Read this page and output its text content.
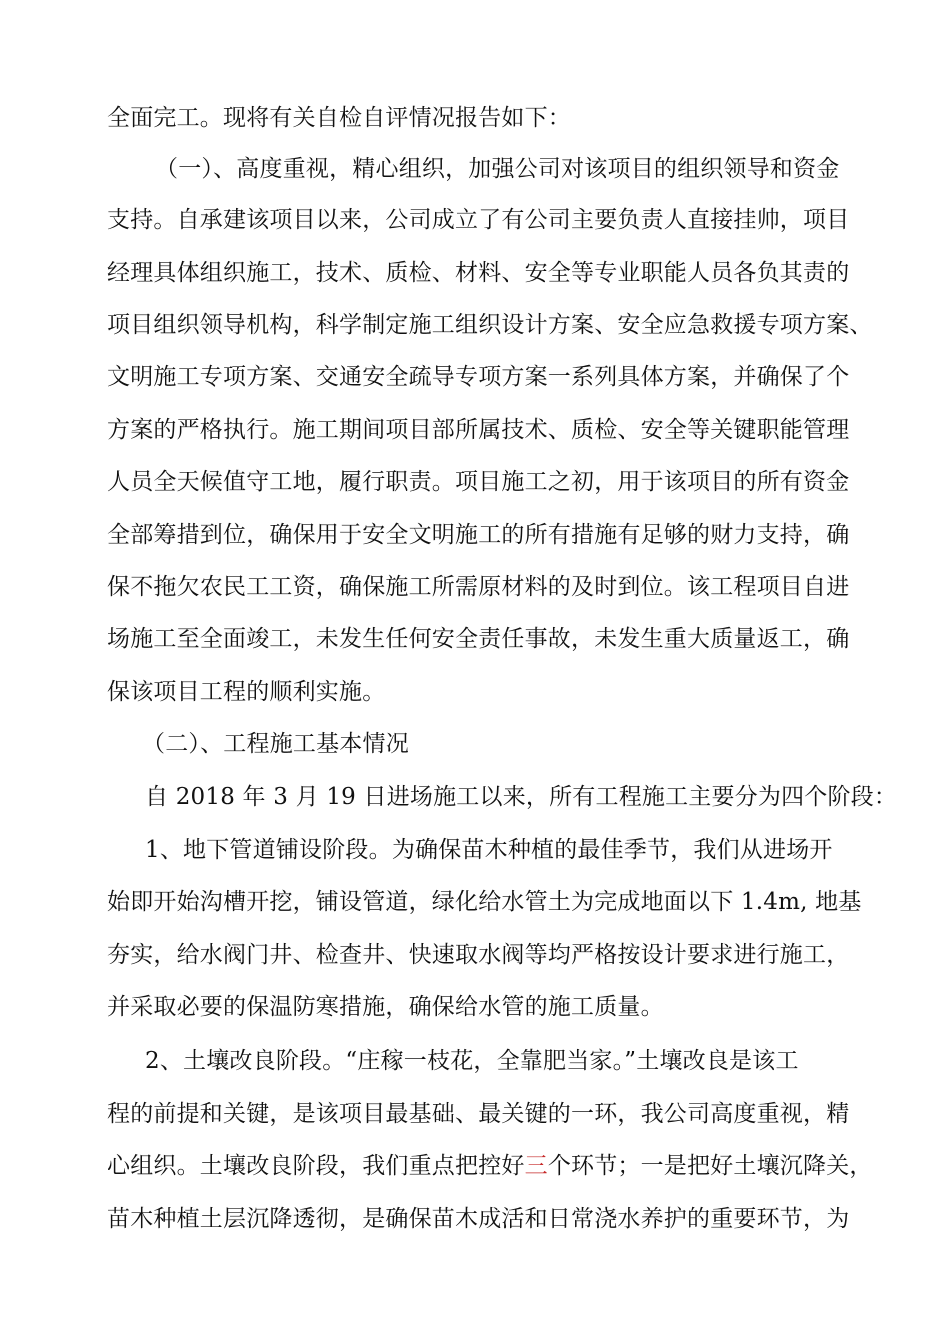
全面完工。现将有关自检自评情况报告如下：
（一）、高度重视，精心组织，加强公司对该项目的组织领导和资金
支持。自承建该项目以来，公司成立了有公司主要负责人直接挂帅，项目
经理具体组织施工，技术、质检、材料、安全等专业职能人员各负其责的
项目组织领导机构，科学制定施工组织设计方案、安全应急救援专项方案、
文明施工专项方案、交通安全疏导专项方案一系列具体方案，并确保了个
方案的严格执行。施工期间项目部所属技术、质检、安全等关键职能管理
人员全天候值守工地，履行职责。项目施工之初，用于该项目的所有资金
全部筹措到位，确保用于安全文明施工的所有措施有足够的财力支持，确
保不拖欠农民工工资，确保施工所需原材料的及时到位。该工程项目自进
场施工至全面竣工，未发生任何安全责任事故，未发生重大质量返工，确
保该项目工程的顺利实施。
（二）、工程施工基本情况
自 2018 年 3 月 19 日进场施工以来，所有工程施工主要分为四个阶段：
1、地下管道铺设阶段。为确保苗木种植的最佳季节，我们从进场开
始即开始沟槽开挖，铺设管道，绿化给水管土为完成地面以下 1.4m, 地基
夯实，给水阀门井、检查井、快速取水阀等均严格按设计要求进行施工，
并采取必要的保温防寒措施，确保给水管的施工质量。
2、土壤改良阶段。“庄稼一枝花，全靠肥当家。”土壤改良是该工
程的前提和关键，是该项目最基础、最关键的一环，我公司高度重视，精
心组织。土壤改良阶段，我们重点把控好三个环节；一是把好土壤沉降关，
苗木种植土层沉降透彻，是确保苗木成活和日常浇水养护的重要环节，为
